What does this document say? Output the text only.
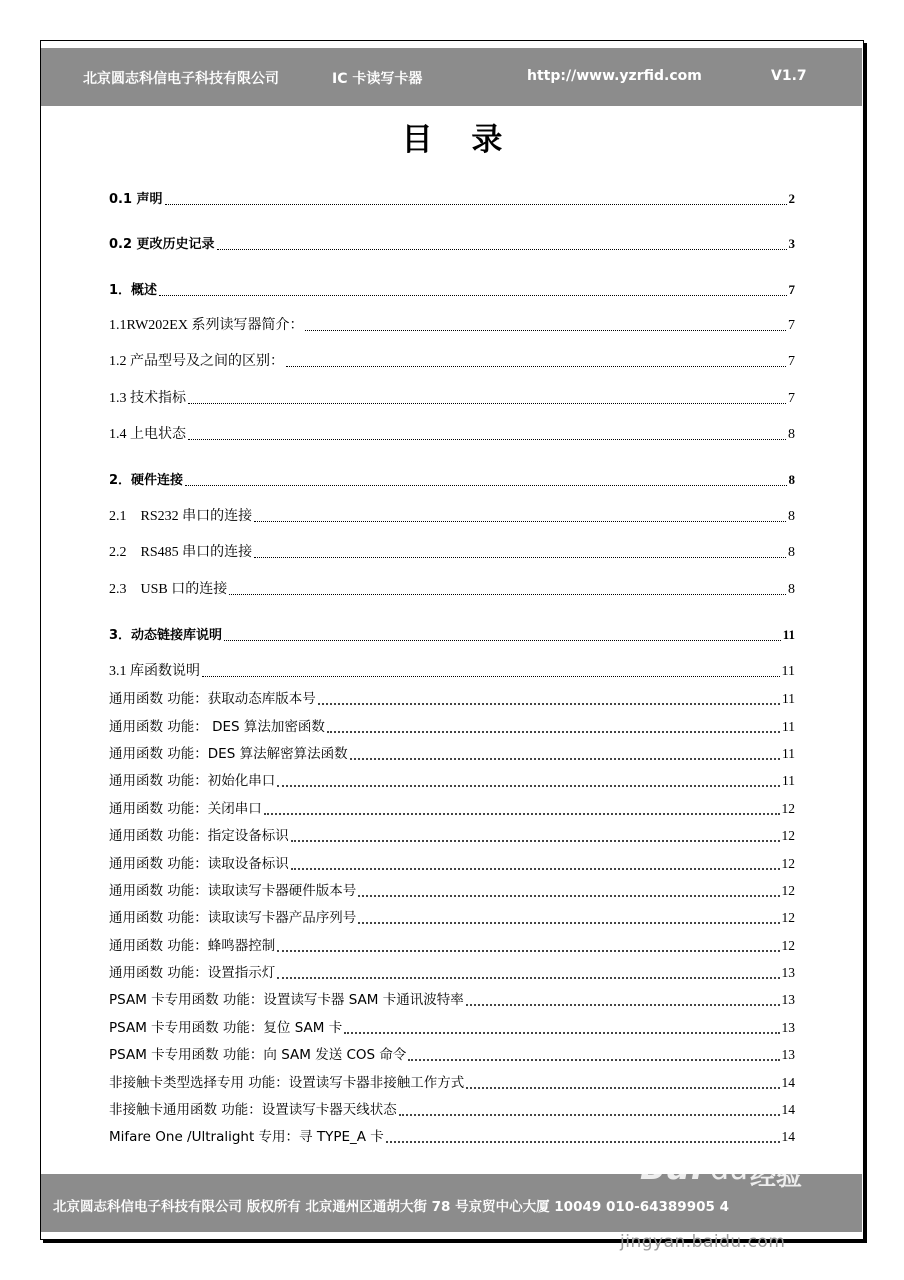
北京圆志科信电子科技有限公司	IC 卡读写卡器	http://www.yzrfid.com	V1.7
目 录
0.1 声明	2
0.2 更改历史记录	3
1．概述	7
1.1RW202EX 系列读写器简介：	7
1.2 产品型号及之间的区别：	7
1.3 技术指标	7
1.4 上电状态	8
2．硬件连接	8
2.1　RS232 串口的连接	8
2.2　RS485 串口的连接	8
2.3　USB 口的连接	8
3．动态链接库说明	11
3.1 库函数说明	11
通用函数 功能：获取动态库版本号	11
通用函数 功能： DES 算法加密函数	11
通用函数 功能：DES 算法解密算法函数	11
通用函数 功能：初始化串口	11
通用函数 功能：关闭串口	12
通用函数 功能：指定设备标识	12
通用函数 功能：读取设备标识	12
通用函数 功能：读取读写卡器硬件版本号	12
通用函数 功能：读取读写卡器产品序列号	12
通用函数 功能：蜂鸣器控制	12
通用函数 功能：设置指示灯	13
PSAM 卡专用函数 功能：设置读写卡器 SAM 卡通讯波特率	13
PSAM 卡专用函数 功能：复位 SAM 卡	13
PSAM 卡专用函数 功能：向 SAM 发送 COS 命令	13
非接触卡类型选择专用 功能：设置读写卡器非接触工作方式	14
非接触卡通用函数 功能：设置读写卡器天线状态	14
Mifare One /Ultralight 专用：寻 TYPE_A 卡	14
北京圆志科信电子科技有限公司 版权所有 北京通州区通胡大街 78 号京贸中心大厦 10049 010-64389905 4
Bai du 经验
jingyan.baidu.com
